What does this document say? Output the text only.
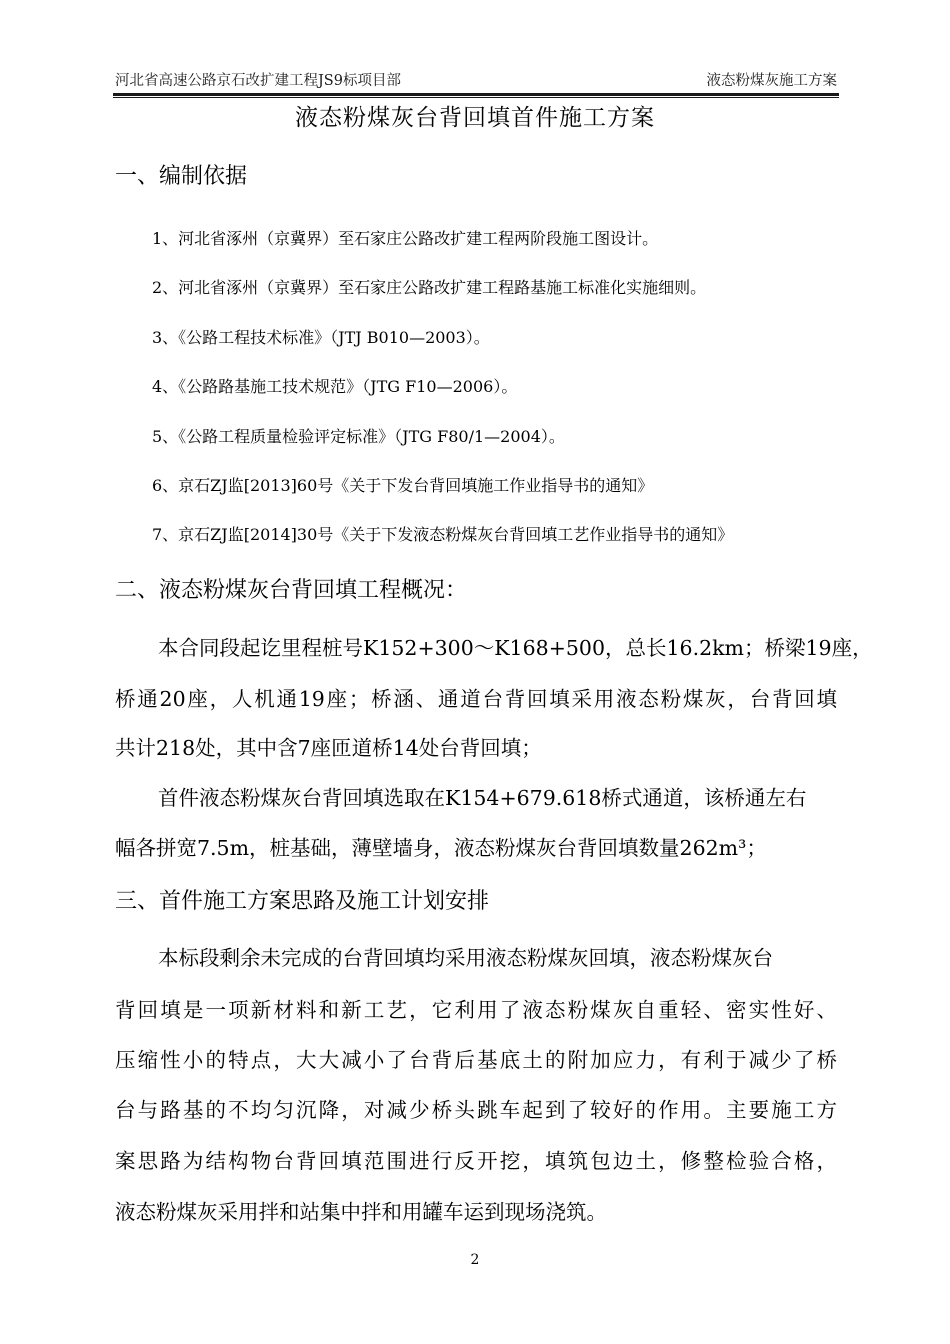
河北省高速公路京石改扩建工程JS9标项目部	液态粉煤灰施工方案
液态粉煤灰台背回填首件施工方案
一、编制依据
1、河北省涿州（京冀界）至石家庄公路改扩建工程两阶段施工图设计。
2、河北省涿州（京冀界）至石家庄公路改扩建工程路基施工标准化实施细则。
3、《公路工程技术标准》（JTJ B010—2003）。
4、《公路路基施工技术规范》（JTG F10—2006）。
5、《公路工程质量检验评定标准》（JTG F80/1—2004）。
6、京石ZJ监[2013]60号《关于下发台背回填施工作业指导书的通知》
7、京石ZJ监[2014]30号《关于下发液态粉煤灰台背回填工艺作业指导书的通知》
二、液态粉煤灰台背回填工程概况：
本合同段起讫里程桩号K152+300～K168+500，总长16.2km；桥梁19座，
桥通20座，人机通19座；桥涵、通道台背回填采用液态粉煤灰，台背回填
共计218处，其中含7座匝道桥14处台背回填；
首件液态粉煤灰台背回填选取在K154+679.618桥式通道，该桥通左右
幅各拼宽7.5m，桩基础，薄壁墙身，液态粉煤灰台背回填数量262m³；
三、首件施工方案思路及施工计划安排
本标段剩余未完成的台背回填均采用液态粉煤灰回填，液态粉煤灰台
背回填是一项新材料和新工艺，它利用了液态粉煤灰自重轻、密实性好、
压缩性小的特点，大大减小了台背后基底土的附加应力，有利于减少了桥
台与路基的不均匀沉降，对减少桥头跳车起到了较好的作用。主要施工方
案思路为结构物台背回填范围进行反开挖，填筑包边土，修整检验合格，
液态粉煤灰采用拌和站集中拌和用罐车运到现场浇筑。
2
